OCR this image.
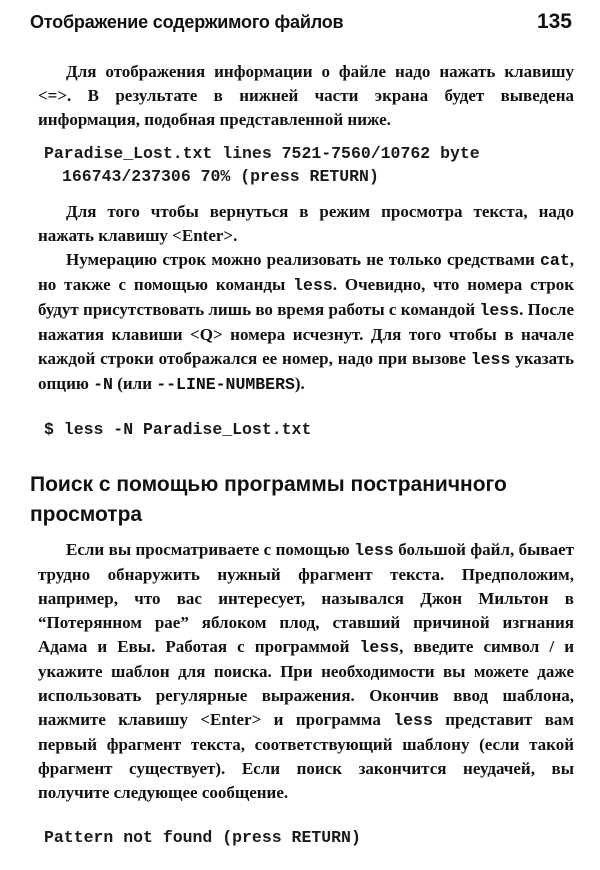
Отображение содержимого файлов	135

Для отображения информации о файле надо нажать клавишу <=>. В результате в нижней части экрана будет выведена информация, подобная представленной ниже.

Paradise_Lost.txt lines 7521-7560/10762 byte
166743/237306 70% (press RETURN)

Для того чтобы вернуться в режим просмотра текста, надо нажать клавишу <Enter>.

Нумерацию строк можно реализовать не только средствами cat, но также с помощью команды less. Очевидно, что номера строк будут присутствовать лишь во время работы с командой less. После нажатия клавиши <Q> номера исчезнут. Для того чтобы в начале каждой строки отображался ее номер, надо при вызове less указать опцию -N (или --LINE-NUMBERS).

$ less -N Paradise_Lost.txt
Поиск с помощью программы постраничного просмотра

Если вы просматриваете с помощью less большой файл, бывает трудно обнаружить нужный фрагмент текста. Предположим, например, что вас интересует, назывался Джон Мильтон в “Потерянном рае” яблоком плод, ставший причиной изгнания Адама и Евы. Работая с программой less, введите символ / и укажите шаблон для поиска. При необходимости вы можете даже использовать регулярные выражения. Окончив ввод шаблона, нажмите клавишу <Enter> и программа less представит вам первый фрагмент текста, соответствующий шаблону (если такой фрагмент существует). Если поиск закончится неудачей, вы получите следующее сообщение.

Pattern not found (press RETURN)
